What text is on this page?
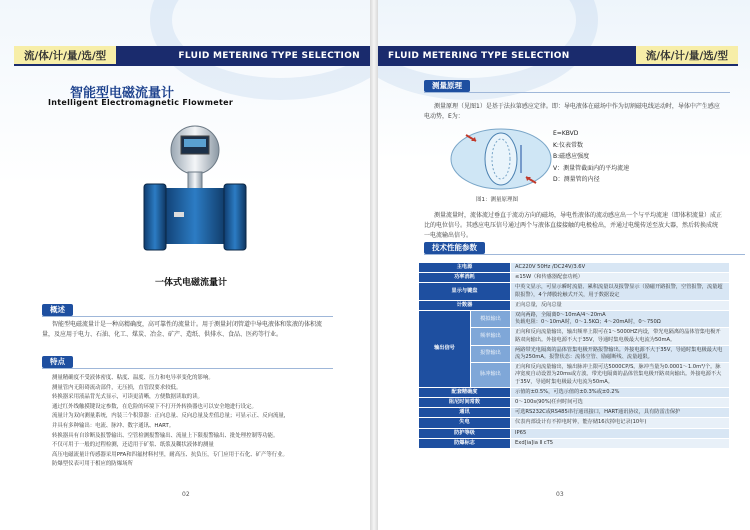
流/体/计/量/选/型	FLUID METERING TYPE SELECTION
智能型电磁流量计
Intelligent Electromagnetic Flowmeter
一体式电磁流量计
概述
智能型电磁流量计是一种高精确度，高可靠性的流量计。用于测量封闭管道中导电液体和浆液的体积流量，及应用于电力、石油、化工、煤炭、冶金、矿产、造纸、供排水、食品、医药等行业。
特点
测量精确度不受液体密度、粘度、温度、压力和电导率变化的影响。
测量管内无阻碍流动部件，无压损，直管段要求较低。
转换器采用液晶背光式显示，可读更清晰，方便数据读取的读。
通过红外线触摸键设定参数，在危险的环境下不打开外转换器也可以安全地进行设定。
流量计为双向测量系统，内装三个积算器：正向总量、反向总量及差值总量；可显示正、反向流量，
并具有多种输出：电流、脉冲、数字通讯、HART。
转换器具有自诊断及报警输出、空管检测报警输出、流量上下限报警输出、批处理控制等功能。
不仅可用于一般的过程检测，还适用于矿浆、纸浆及糊状液体的测量
高压电磁流量计传感器采用PFA和四氟材料衬里，耐高压、抗负压，专门应用于石化、矿产等行业。
防爆型仪表可用于相应的防爆场所
02
FLUID METERING TYPE SELECTION	流/体/计/量/选/型
测量原理
测量原理（见图1）是基于法拉第感应定律。即：导电液体在磁场中作为切割磁电线运动时，导体中产生感应电动势，E为：
图1：测量原理图
E=KBVD
K:仪表常数
B:磁感应强度
V：测量管截面内的平均流速
D：测量管的内径
测量流量时，流体流过垂直于流动方向的磁场，导电性液体的流动感应出一个与平均流速（即体积流量）成正比的电位信号。其感应电压信号通过两个与液体直接接触的电极检出，并通过电缆传送至放大器，然后转换成统一电流输出信号。
技术性能参数
主电源		AC220V 50Hz /DC24V/3.6V
功率消耗		≤15W（和传感器配套功耗）
显示与键盘		中英文显示，可显示瞬时流量、累积流量以及报警显示（励磁开路报警，空管报警，流量超限报警），4个薄膜轮触式开关，用于数据设定
计数器		正向总量，反向总量
输出信号	模拟输出	双向两路，全隔离0～10mA/4～20mA
负载电阻：0～10mA时，0～1.5KΩ；4～20mA时，0～750Ω

	频率输出	正向和反向流量输出，输出频率上限可在1～5000HZ内设，带光电隔离的晶体管集电极开路双向输出。外接电源不大于35V，导通时集电极最大电流为50mA。
	报警输出	两路带光电隔离的晶体管集电极开路报警输出。外接电源不大于35V，导通时集电极最大电流为250mA。报警状态：流体空管、励磁断线、流量超限。
	脉冲输出	正向和反向流量输出，输出脉冲上限可达5000CP/S。脉冲当量为0.0001～1.0m³/个。脉冲宽度自动设置为20ms或方波。带光电隔离的晶体管集电极开路双向输出。外接电源不大于35V，导通时集电极最大电流为50mA。
配套精确度		示值的±0.5%，可选示值的±0.3%或±0.2%
阻尼时间常数		0～100s(90%)任何时间可选
通讯		可选RS232C或RS485串行通讯接口，HART通讯协议，具有防雷击保护
失电		仪表内部设计有不掉电时钟，能存储16次掉电记录(10年)
防护等级		IP65
防爆标志		Exd[ia]ia Ⅱ cT5
03
